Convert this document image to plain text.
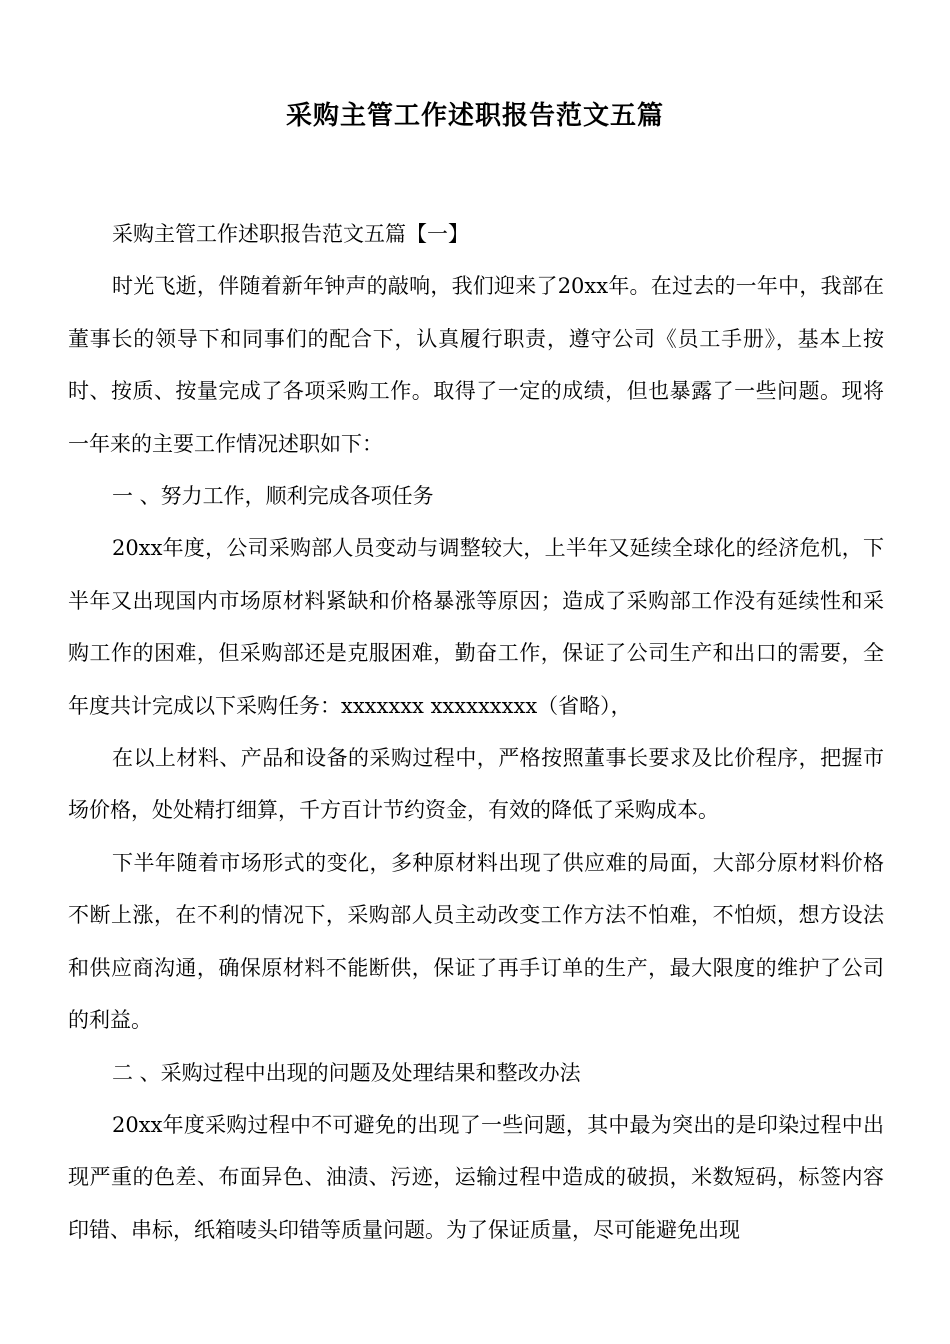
采购主管工作述职报告范文五篇

采购主管工作述职报告范文五篇【一】

时光飞逝，伴随着新年钟声的敲响，我们迎来了20xx年。在过去的一年中，我部在董事长的领导下和同事们的配合下，认真履行职责，遵守公司《员工手册》，基本上按时、按质、按量完成了各项采购工作。取得了一定的成绩，但也暴露了一些问题。现将一年来的主要工作情况述职如下：

一 、努力工作，顺利完成各项任务

20xx年度，公司采购部人员变动与调整较大，上半年又延续全球化的经济危机，下半年又出现国内市场原材料紧缺和价格暴涨等原因；造成了采购部工作没有延续性和采购工作的困难，但采购部还是克服困难，勤奋工作，保证了公司生产和出口的需要，全年度共计完成以下采购任务：xxxxxxx xxxxxxxxx（省略），

在以上材料、产品和设备的采购过程中，严格按照董事长要求及比价程序，把握市场价格，处处精打细算，千方百计节约资金，有效的降低了采购成本。

下半年随着市场形式的变化，多种原材料出现了供应难的局面，大部分原材料价格不断上涨，在不利的情况下，采购部人员主动改变工作方法不怕难，不怕烦，想方设法和供应商沟通，确保原材料不能断供，保证了再手订单的生产，最大限度的维护了公司的利益。

二 、采购过程中出现的问题及处理结果和整改办法

20xx年度采购过程中不可避免的出现了一些问题，其中最为突出的是印染过程中出现严重的色差、布面异色、油渍、污迹，运输过程中造成的破损，米数短码，标签内容印错、串标，纸箱唛头印错等质量问题。为了保证质量，尽可能避免出现
